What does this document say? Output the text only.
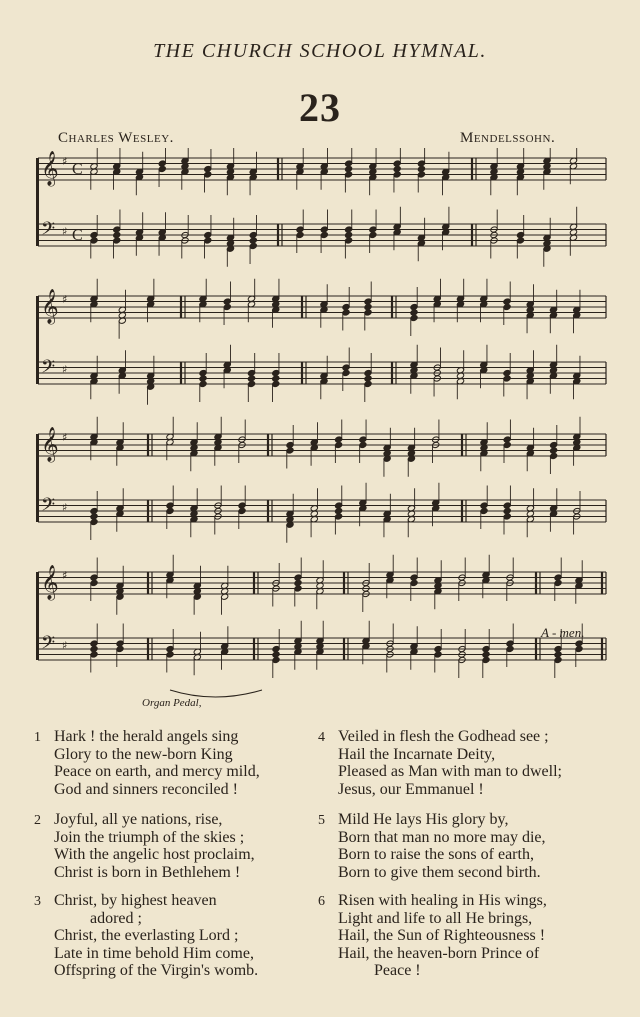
THE CHURCH SCHOOL HYMNAL.
23
Charles Wesley.	Mendelssohn.
𝄞 ♯ C
𝄢 ♯ C
𝄞 ♯
𝄢 ♯
𝄞 ♯
𝄢 ♯
𝄞 ♯
𝄢 ♯
A - men.
Organ Pedal,
1 Hark ! the herald angels sing
Glory to the new-born King
Peace on earth, and mercy mild,
God and sinners reconciled !
2 Joyful, all ye nations, rise,
Join the triumph of the skies ;
With the angelic host proclaim,
Christ is born in Bethlehem !
3 Christ, by highest heaven
adored ;
Christ, the everlasting Lord ;
Late in time behold Him come,
Offspring of the Virgin's womb.
4 Veiled in flesh the Godhead see ;
Hail the Incarnate Deity,
Pleased as Man with man to dwell;
Jesus, our Emmanuel !
5 Mild He lays His glory by,
Born that man no more may die,
Born to raise the sons of earth,
Born to give them second birth.
6 Risen with healing in His wings,
Light and life to all He brings,
Hail, the Sun of Righteousness !
Hail, the heaven-born Prince of
Peace !
